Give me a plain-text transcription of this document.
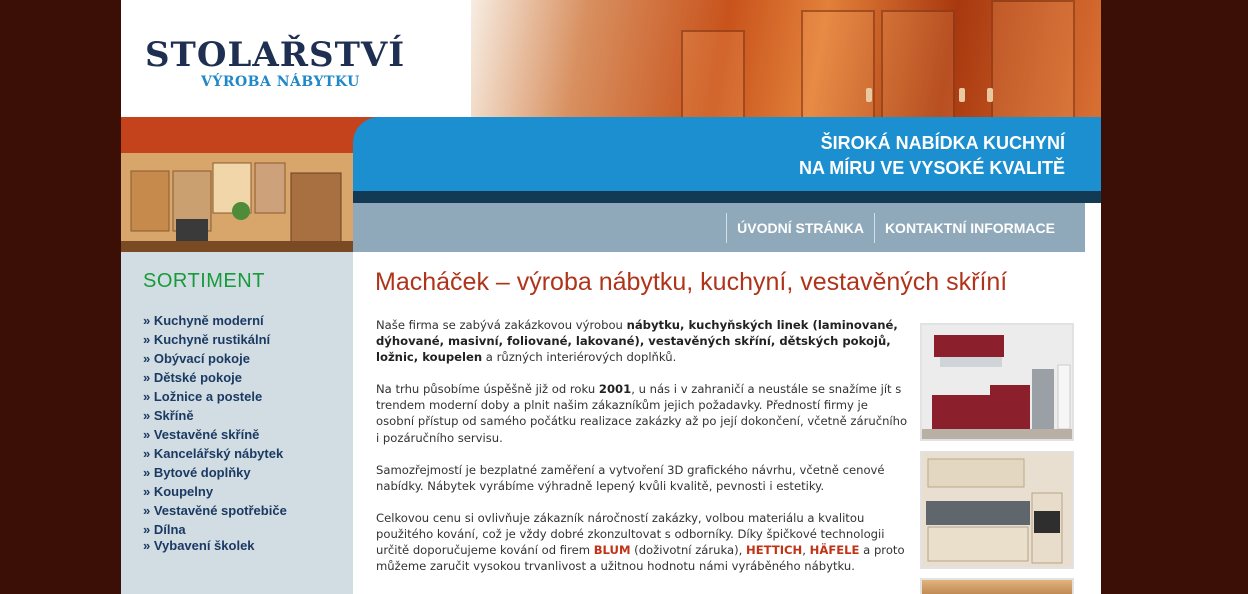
STOLAŘSTVÍ
VÝROBA NÁBYTKU
ŠIROKÁ NABÍDKA KUCHYNÍ
NA MÍRU VE VYSOKÉ KVALITĚ
ÚVODNÍ STRÁNKA	KONTAKTNÍ INFORMACE
SORTIMENT
» Kuchyně moderní
» Kuchyně rustikální
» Obývací pokoje
» Dětské pokoje
» Ložnice a postele
» Skříně
» Vestavěné skříně
» Kancelářský nábytek
» Bytové doplňky
» Koupelny
» Vestavěné spotřebiče
» Dílna
» Vybavení školek
Macháček – výroba nábytku, kuchyní, vestavěných skříní

Naše firma se zabývá zakázkovou výrobou nábytku, kuchyňských linek (laminované, dýhované, masivní, foliované, lakované), vestavěných skříní, dětských pokojů, ložnic, koupelen a různých interiérových doplňků.

Na trhu působíme úspěšně již od roku 2001, u nás i v zahraničí a neustále se snažíme jít s trendem moderní doby a plnit našim zákazníkům jejich požadavky. Předností firmy je osobní přístup od samého počátku realizace zakázky až po její dokončení, včetně záručního i pozáručního servisu.

Samozřejmostí je bezplatné zaměření a vytvoření 3D grafického návrhu, včetně cenové nabídky. Nábytek vyrábíme výhradně lepený kvůli kvalitě, pevnosti i estetiky.

Celkovou cenu si ovlivňuje zákazník náročností zakázky, volbou materiálu a kvalitou použitého kování, což je vždy dobré zkonzultovat s odborníky. Díky špičkové technologii určitě doporučujeme kování od firem BLUM (doživotní záruka), HETTICH, HÄFELE a proto můžeme zaručit vysokou trvanlivost a užitnou hodnotu námi vyráběného nábytku.
